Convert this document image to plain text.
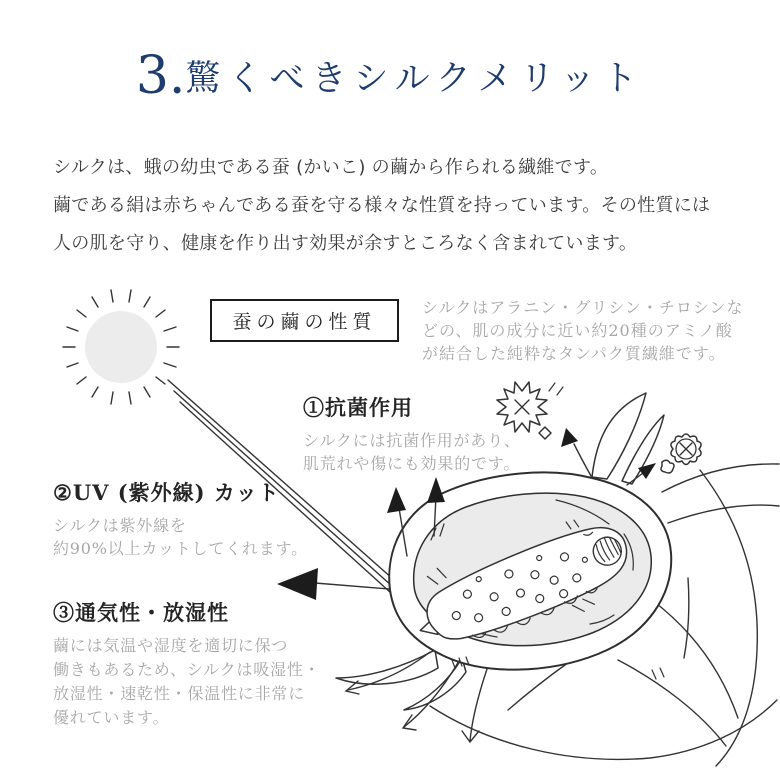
3.驚くべきシルクメリット

シルクは、蛾の幼虫である蚕 (かいこ) の繭から作られる繊維です。

繭である絹は赤ちゃんである蚕を守る様々な性質を持っています。その性質には

人の肌を守り、健康を作り出す効果が余すところなく含まれています。

蚕の繭の性質

シルクはアラニン・グリシン・チロシンな

どの、肌の成分に近い約20種のアミノ酸

が結合した純粋なタンパク質繊維です。

①抗菌作用

シルクには抗菌作用があり、

肌荒れや傷にも効果的です。

②UV (紫外線) カット

シルクは紫外線を

約90%以上カットしてくれます。

③通気性・放湿性

繭には気温や湿度を適切に保つ

働きもあるため、シルクは吸湿性・

放湿性・速乾性・保温性に非常に

優れています。
